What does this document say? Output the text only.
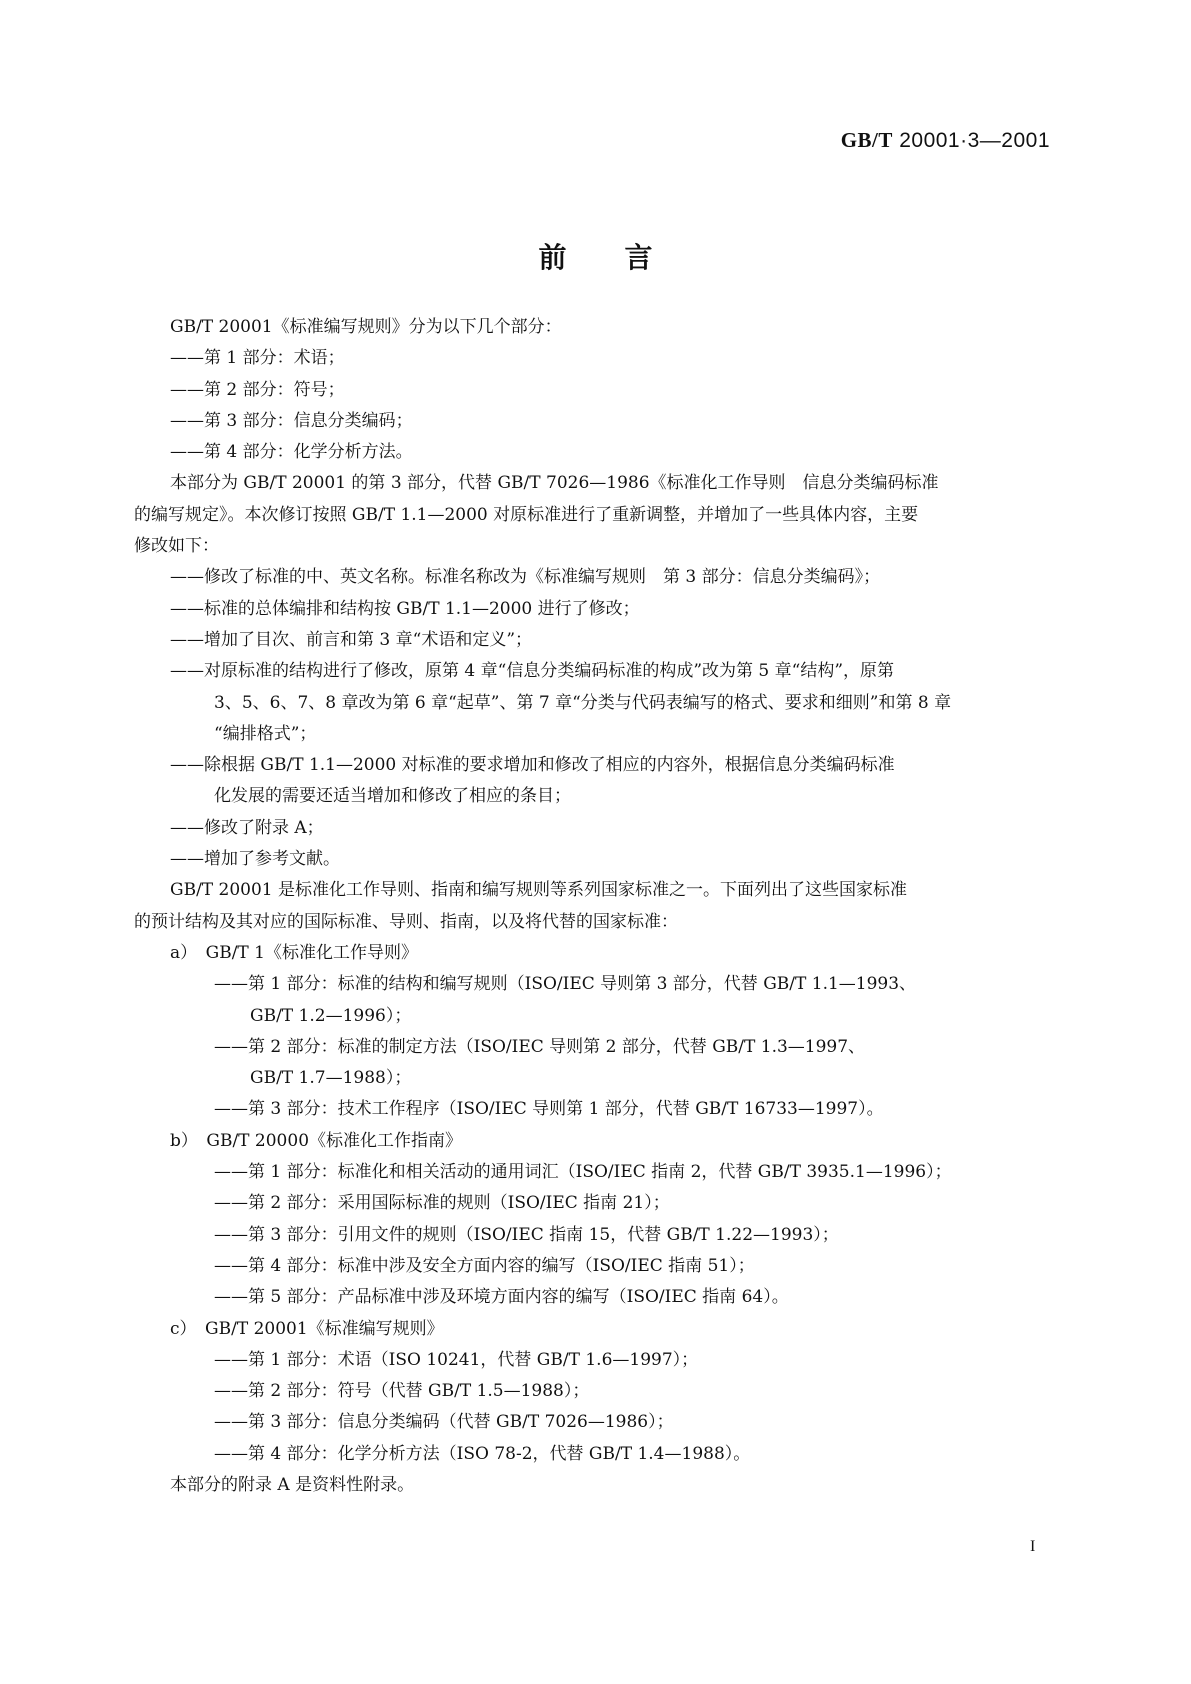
GB/T 20001·3—2001
前 言
GB/T 20001《标准编写规则》分为以下几个部分：
——第 1 部分：术语；
——第 2 部分：符号；
——第 3 部分：信息分类编码；
——第 4 部分：化学分析方法。
本部分为 GB/T 20001 的第 3 部分，代替 GB/T 7026—1986《标准化工作导则　信息分类编码标准
的编写规定》。本次修订按照 GB/T 1.1—2000 对原标准进行了重新调整，并增加了一些具体内容，主要
修改如下：
——修改了标准的中、英文名称。标准名称改为《标准编写规则　第 3 部分：信息分类编码》；
——标准的总体编排和结构按 GB/T 1.1—2000 进行了修改；
——增加了目次、前言和第 3 章“术语和定义”；
——对原标准的结构进行了修改，原第 4 章“信息分类编码标准的构成”改为第 5 章“结构”，原第
3、5、6、7、8 章改为第 6 章“起草”、第 7 章“分类与代码表编写的格式、要求和细则”和第 8 章
“编排格式”；
——除根据 GB/T 1.1—2000 对标准的要求增加和修改了相应的内容外，根据信息分类编码标准
化发展的需要还适当增加和修改了相应的条目；
——修改了附录 A；
——增加了参考文献。
GB/T 20001 是标准化工作导则、指南和编写规则等系列国家标准之一。下面列出了这些国家标准
的预计结构及其对应的国际标准、导则、指南，以及将代替的国家标准：
a）　GB/T 1《标准化工作导则》
——第 1 部分：标准的结构和编写规则（ISO/IEC 导则第 3 部分，代替 GB/T 1.1—1993、
GB/T 1.2—1996）；
——第 2 部分：标准的制定方法（ISO/IEC 导则第 2 部分，代替 GB/T 1.3—1997、
GB/T 1.7—1988）；
——第 3 部分：技术工作程序（ISO/IEC 导则第 1 部分，代替 GB/T 16733—1997）。
b）　GB/T 20000《标准化工作指南》
——第 1 部分：标准化和相关活动的通用词汇（ISO/IEC 指南 2，代替 GB/T 3935.1—1996）；
——第 2 部分：采用国际标准的规则（ISO/IEC 指南 21）；
——第 3 部分：引用文件的规则（ISO/IEC 指南 15，代替 GB/T 1.22—1993）；
——第 4 部分：标准中涉及安全方面内容的编写（ISO/IEC 指南 51）；
——第 5 部分：产品标准中涉及环境方面内容的编写（ISO/IEC 指南 64）。
c）　GB/T 20001《标准编写规则》
——第 1 部分：术语（ISO 10241，代替 GB/T 1.6—1997）；
——第 2 部分：符号（代替 GB/T 1.5—1988）；
——第 3 部分：信息分类编码（代替 GB/T 7026—1986）；
——第 4 部分：化学分析方法（ISO 78-2，代替 GB/T 1.4—1988）。
本部分的附录 A 是资料性附录。
I
